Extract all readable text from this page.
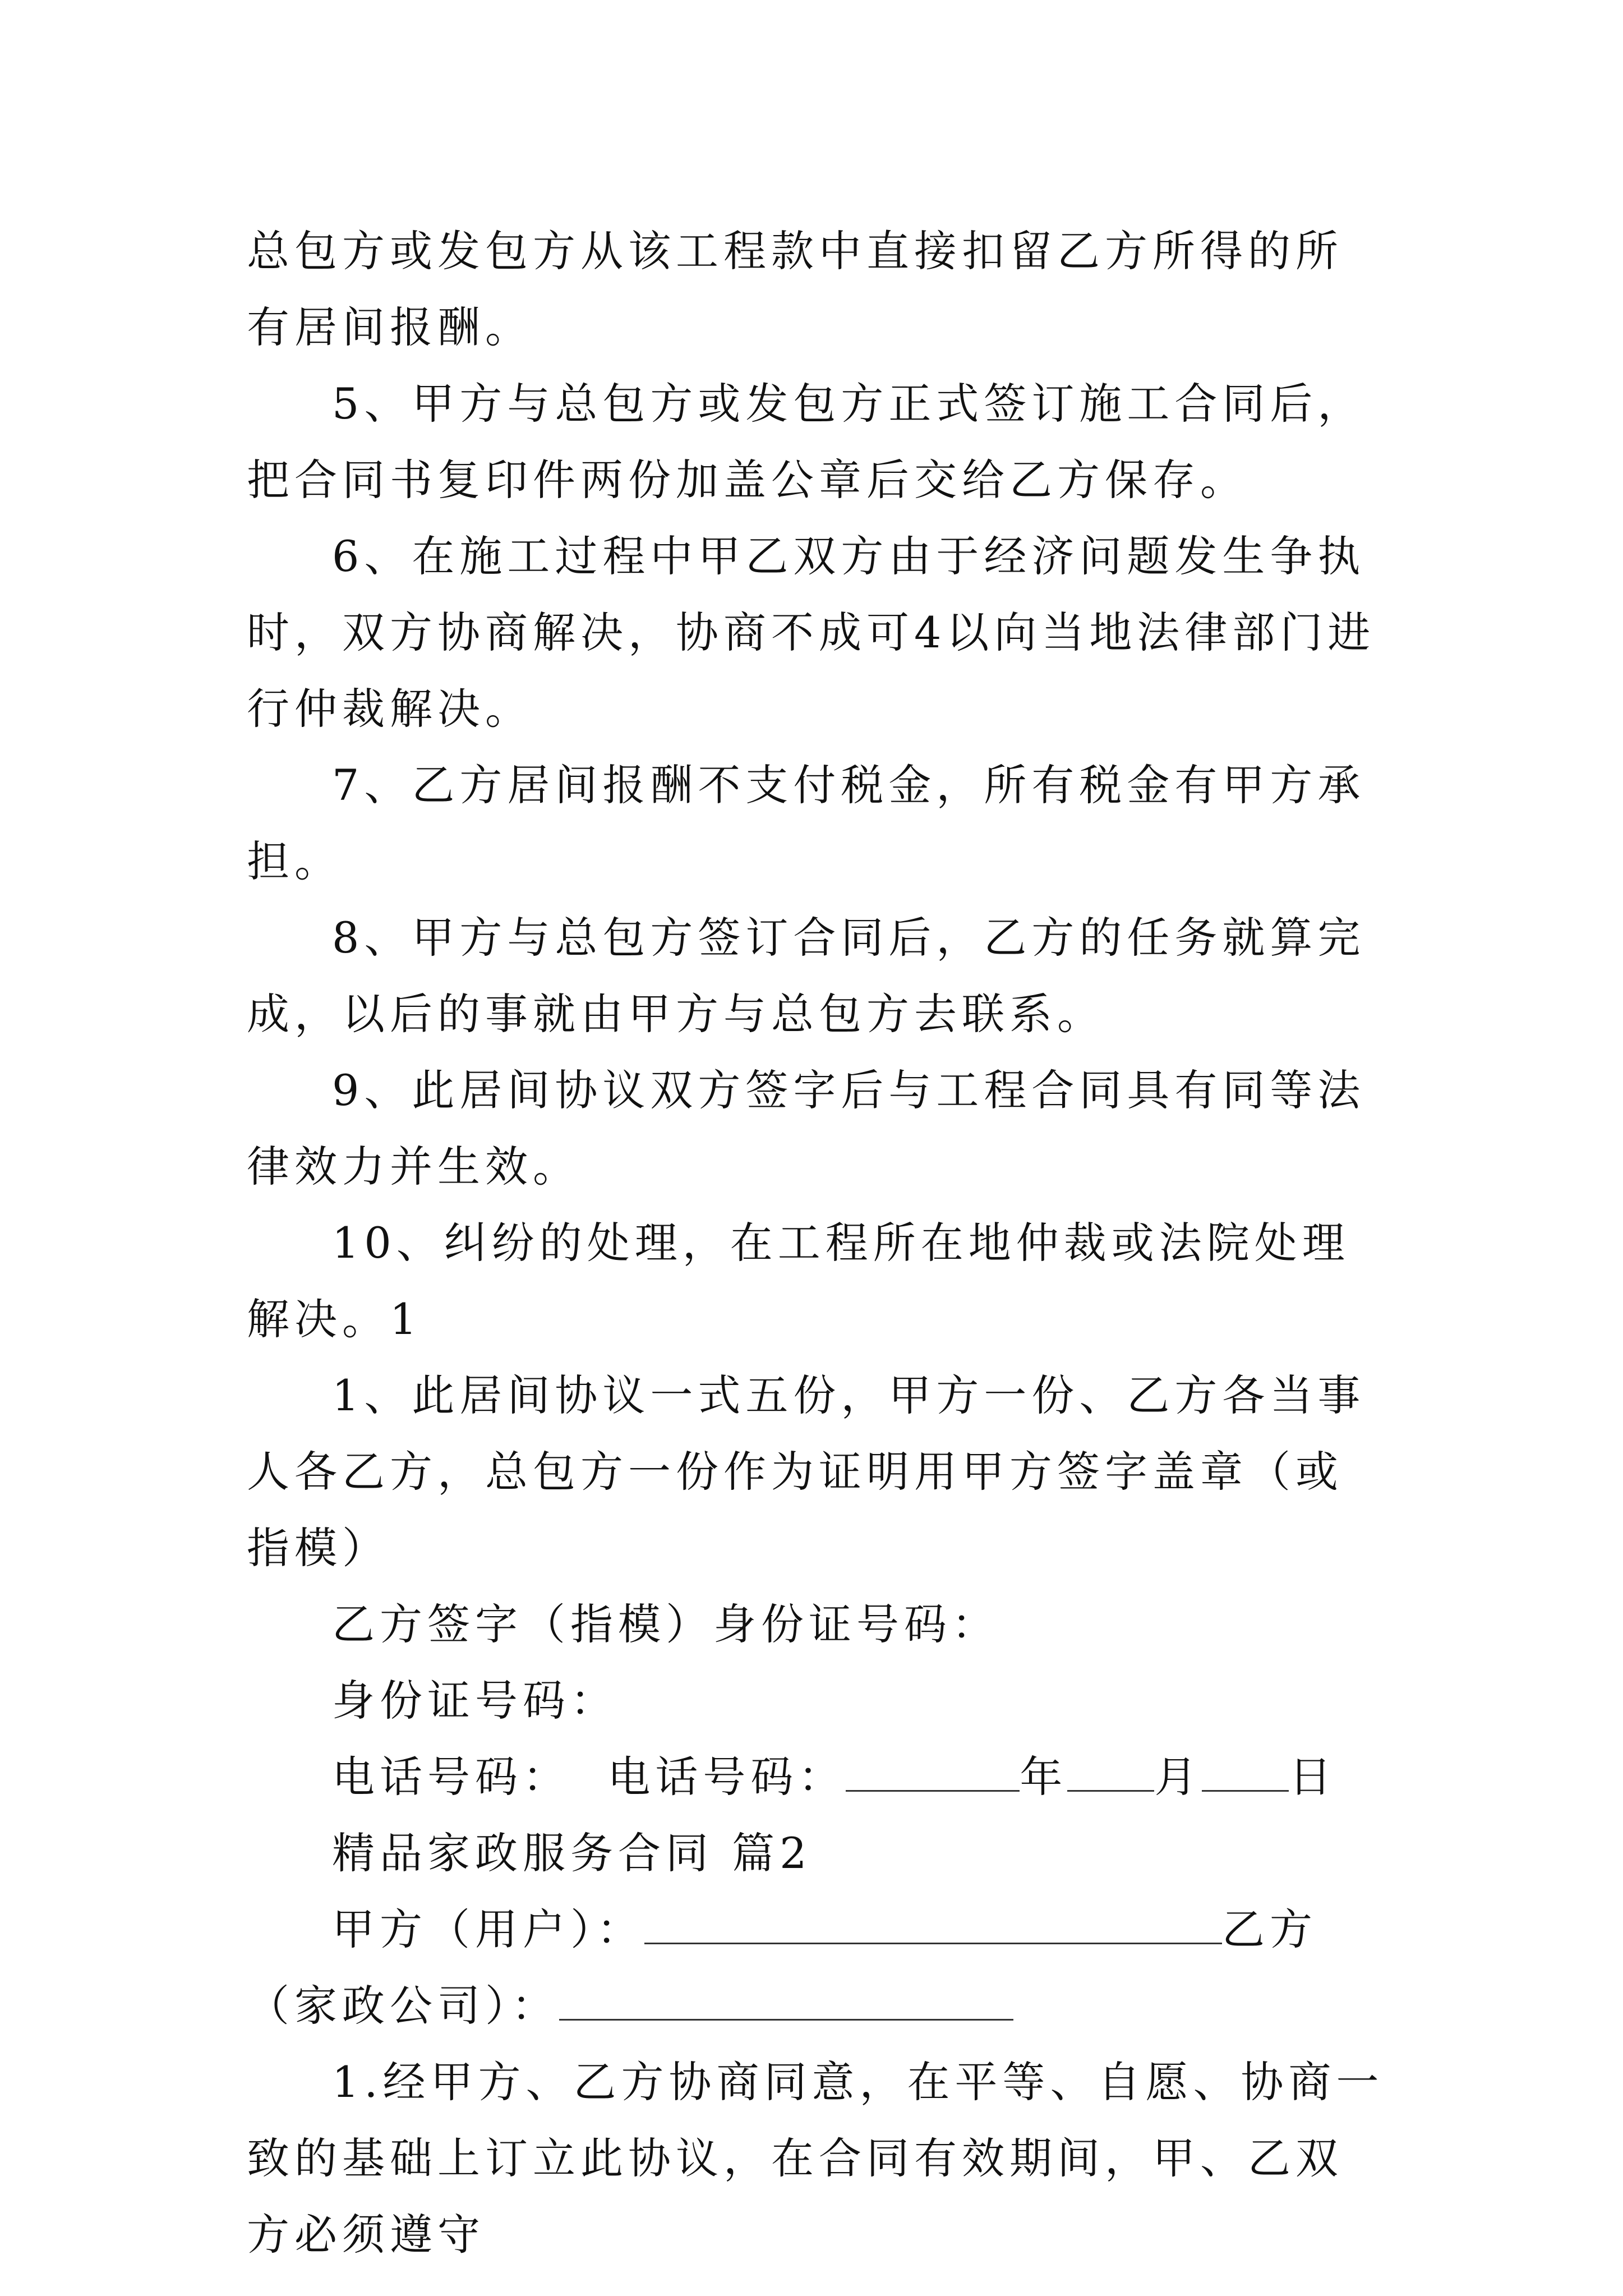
总包方或发包方从该工程款中直接扣留乙方所得的所有居间报酬。

5、甲方与总包方或发包方正式签订施工合同后，把合同书复印件两份加盖公章后交给乙方保存。

6、在施工过程中甲乙双方由于经济问题发生争执时，双方协商解决，协商不成可4以向当地法律部门进行仲裁解决。

7、乙方居间报酬不支付税金，所有税金有甲方承担。

8、甲方与总包方签订合同后，乙方的任务就算完成，以后的事就由甲方与总包方去联系。

9、此居间协议双方签字后与工程合同具有同等法律效力并生效。

10、纠纷的处理，在工程所在地仲裁或法院处理解决。1

1、此居间协议一式五份，甲方一份、乙方各当事人各乙方，总包方一份作为证明用甲方签字盖章（或指模）

乙方签字（指模）身份证号码：

身份证号码：

电话号码： 电话号码：	年 月 日

精品家政服务合同 篇2

甲方（用户）：	乙方（家政公司）：

1.经甲方、乙方协商同意，在平等、自愿、协商一致的基础上订立此协议，在合同有效期间，甲、乙双方必须遵守
